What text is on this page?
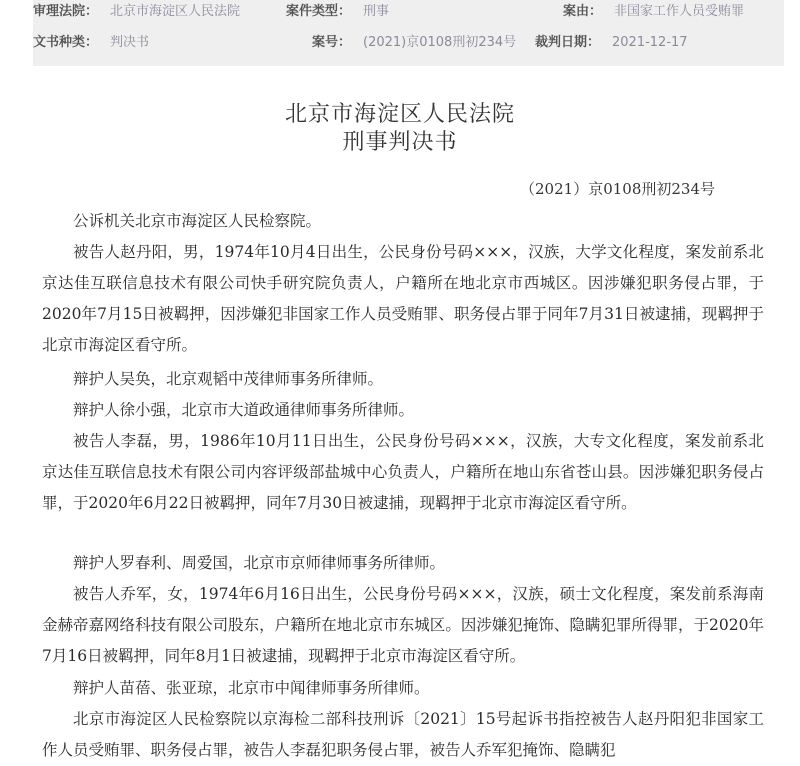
审理法院： 北京市海淀区人民法院	案件类型： 刑事	案由： 非国家工作人员受贿罪
文书种类： 判决书	案号： (2021)京0108刑初234号 裁判日期： 2021-12-17
北京市海淀区人民法院
刑事判决书
（2021）京0108刑初234号
公诉机关北京市海淀区人民检察院。
被告人赵丹阳，男，1974年10月4日出生，公民身份号码×××，汉族，大学文化程度，案发前系北京达佳互联信息技术有限公司快手研究院负责人，户籍所在地北京市西城区。因涉嫌犯职务侵占罪，于2020年7月15日被羁押，因涉嫌犯非国家工作人员受贿罪、职务侵占罪于同年7月31日被逮捕，现羁押于北京市海淀区看守所。
辩护人吴奂，北京观韬中茂律师事务所律师。
辩护人徐小强，北京市大道政通律师事务所律师。
被告人李磊，男，1986年10月11日出生，公民身份号码×××，汉族，大专文化程度，案发前系北京达佳互联信息技术有限公司内容评级部盐城中心负责人，户籍所在地山东省苍山县。因涉嫌犯职务侵占罪，于2020年6月22日被羁押，同年7月30日被逮捕，现羁押于北京市海淀区看守所。
辩护人罗春利、周爱国，北京市京师律师事务所律师。
被告人乔军，女，1974年6月16日出生，公民身份号码×××，汉族，硕士文化程度，案发前系海南金赫帝嘉网络科技有限公司股东，户籍所在地北京市东城区。因涉嫌犯掩饰、隐瞒犯罪所得罪，于2020年7月16日被羁押，同年8月1日被逮捕，现羁押于北京市海淀区看守所。
辩护人苗蓓、张亚琼，北京市中闻律师事务所律师。
北京市海淀区人民检察院以京海检二部科技刑诉〔2021〕15号起诉书指控被告人赵丹阳犯非国家工作人员受贿罪、职务侵占罪，被告人李磊犯职务侵占罪，被告人乔军犯掩饰、隐瞒犯
